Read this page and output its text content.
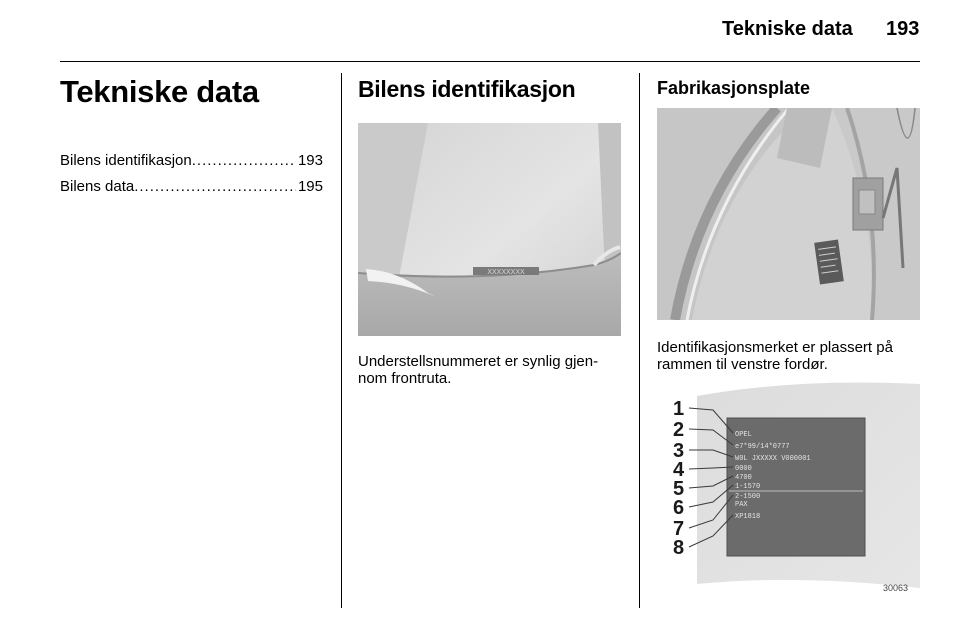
Tekniske data 193
Tekniske data
Bilens identifikasjon .....	193
Bilens data .....	195
Bilens identifikasjon
XXXXXXXX
Understellsnummeret er synlig gjen-
nom frontruta.
Fabrikasjonsplate
Identifikasjonsmerket er plassert på
rammen til venstre fordør.
OPEL
e7*99/14*0777
W0L JXXXXX V000001
0000
4700
1-1570
2-1500
PAX
XP1818
1
2
3
4
5
6
7
8
30063
